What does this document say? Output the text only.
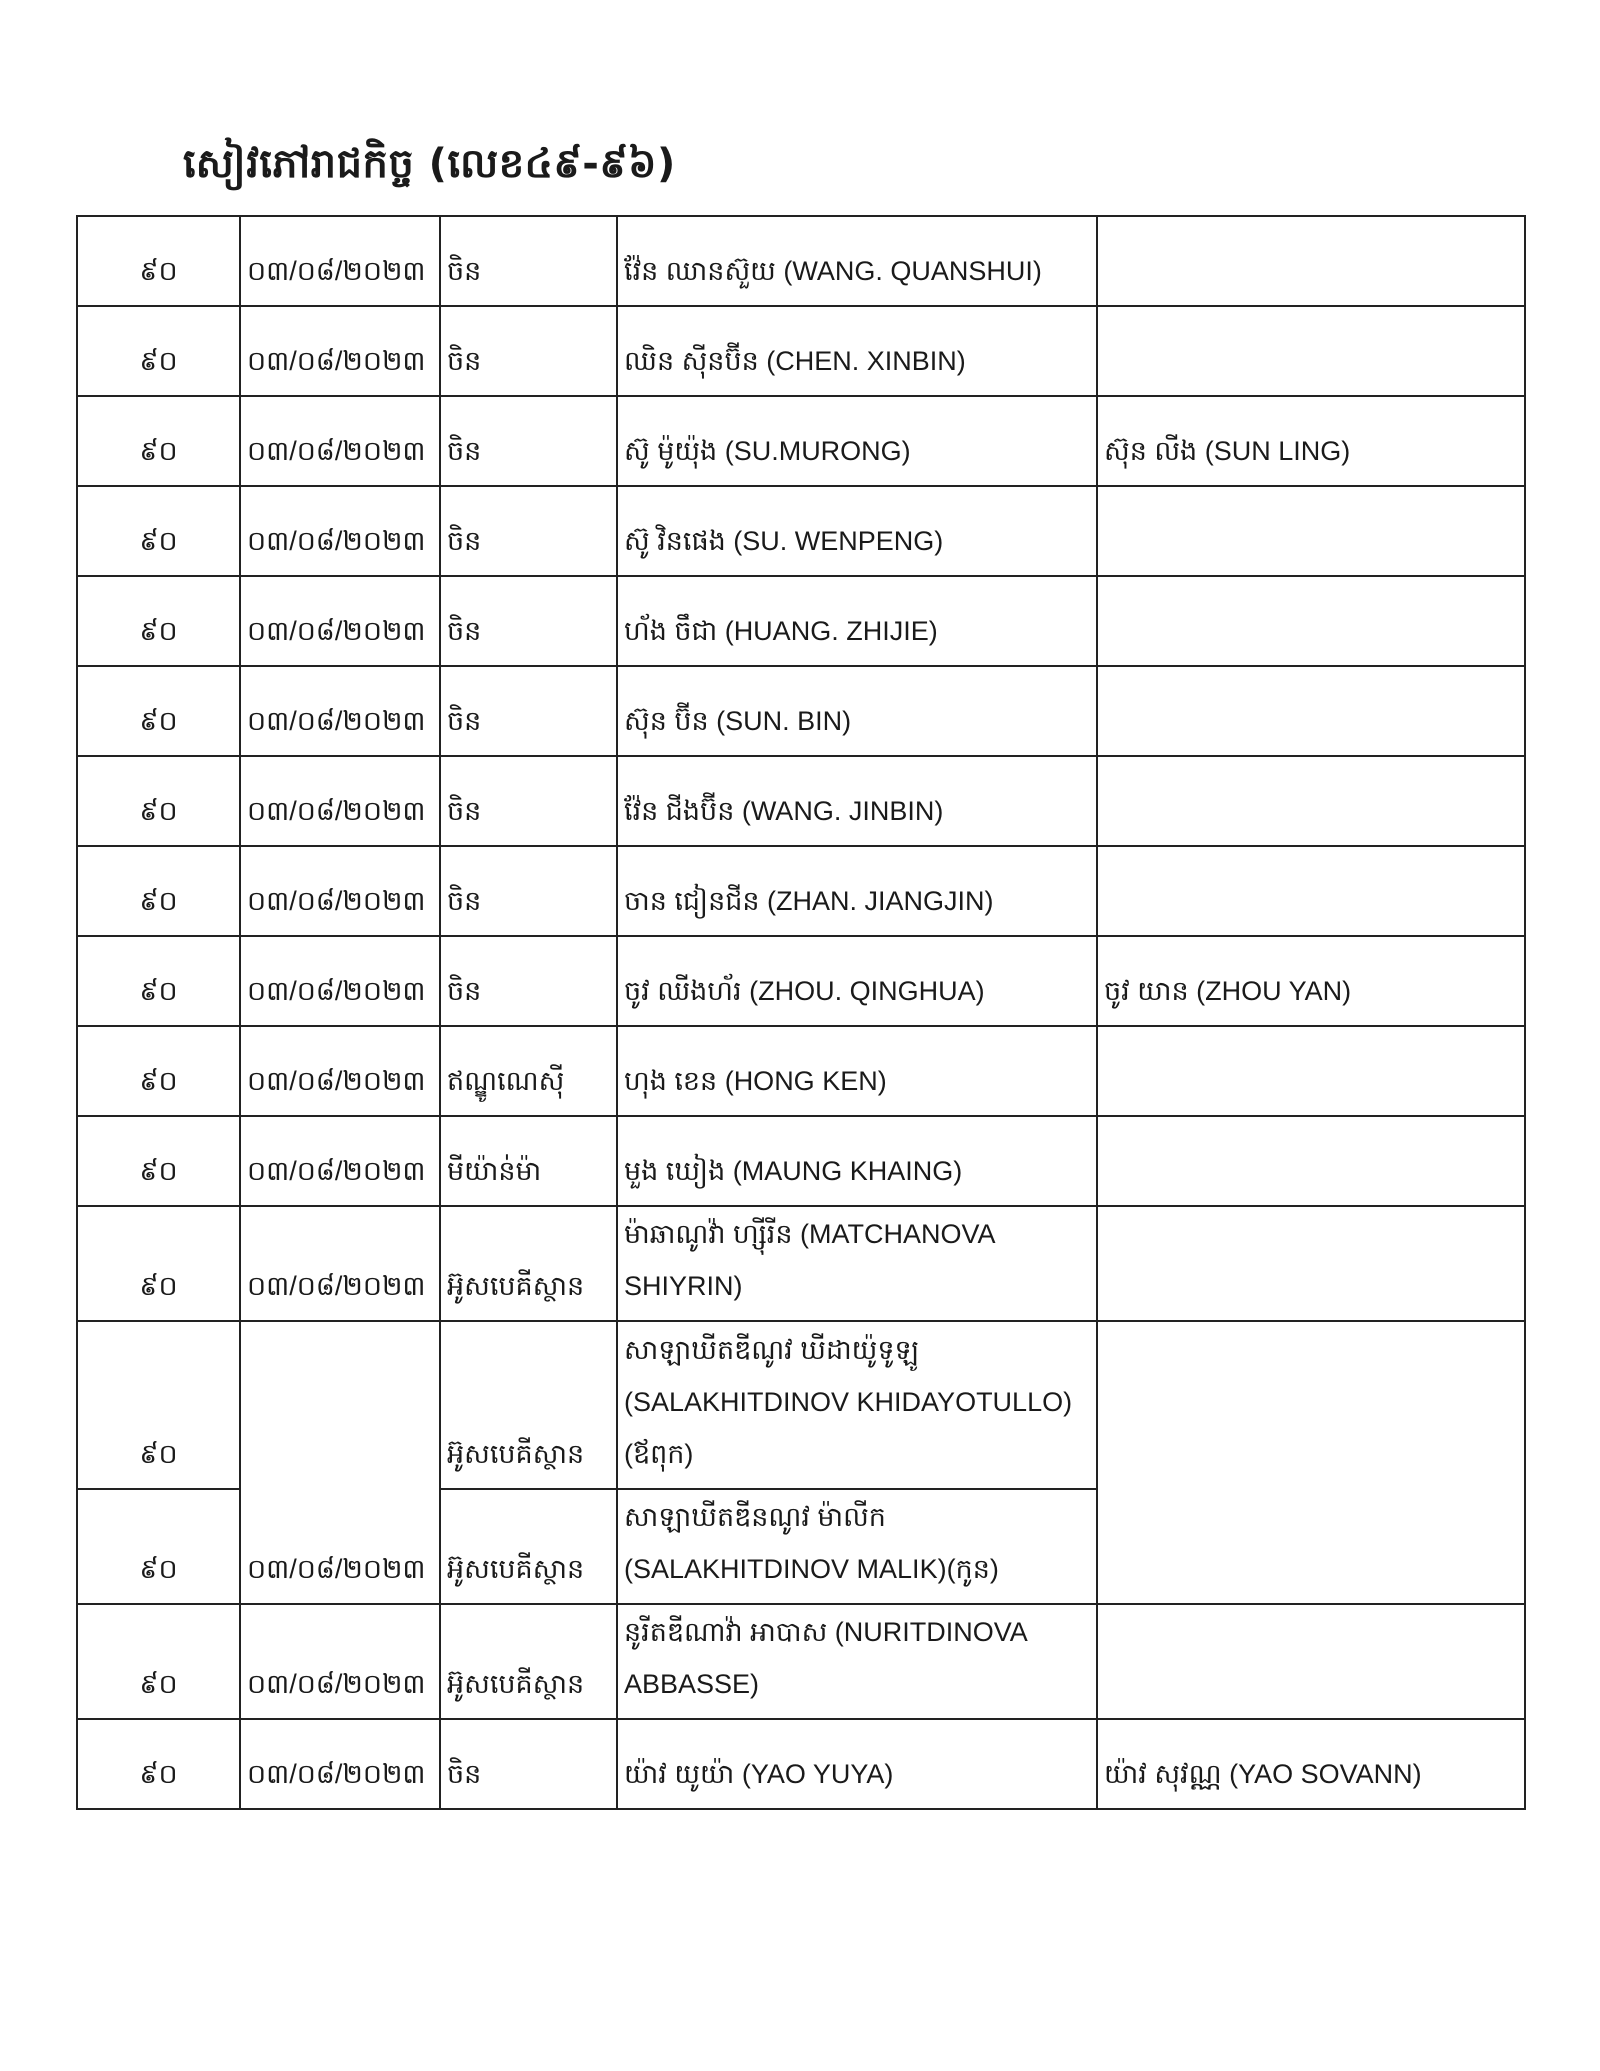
សៀវភៅរាជកិច្ច (លេខ៤៩-៩៦)
៩០	០៣/០៨/២០២៣	ចិន	វ៉ែន ឈានស៊ួយ (WANG. QUANSHUI)	
៩០	០៣/០៨/២០២៣	ចិន	ឈិន ស៊ីនប៊ីន (CHEN. XINBIN)	
៩០	០៣/០៨/២០២៣	ចិន	ស៊ូ ម៉ូយ៉ុង (SU.MURONG)	ស៊ុន លីង (SUN LING)
៩០	០៣/០៨/២០២៣	ចិន	ស៊ូ វិនផេង (SU. WENPENG)	
៩០	០៣/០៨/២០២៣	ចិន	ហ័ង ចឹជា (HUANG. ZHIJIE)	
៩០	០៣/០៨/២០២៣	ចិន	ស៊ុន ប៊ីន (SUN. BIN)	
៩០	០៣/០៨/២០២៣	ចិន	វ៉ែន ជីងប៊ីន (WANG. JINBIN)	
៩០	០៣/០៨/២០២៣	ចិន	ចាន ជៀនជីន (ZHAN. JIANGJIN)	
៩០	០៣/០៨/២០២៣	ចិន	ចូវ ឈីងហ័រ (ZHOU. QINGHUA)	ចូវ យាន (ZHOU YAN)
៩០	០៣/០៨/២០២៣	ឥណ្ឌូណេស៊ី	ហុង ខេន (HONG KEN)	
៩០	០៣/០៨/២០២៣	មីយ៉ាន់ម៉ា	មួង ឃៀង (MAUNG KHAING)	
៩០	០៣/០៨/២០២៣	អ៊ូសបេគីស្ថាន	ម៉ាឆាណូវ៉ា ហ្ស៊ីរីន (MATCHANOVA SHIYRIN)	
៩០	០៣/០៨/២០២៣	អ៊ូសបេគីស្ថាន	សាឡាឃីតឌីណូវ ឃីដាយ៉ូទូឡូ (SALAKHITDINOV KHIDAYOTULLO) (ឪពុក)	
៩០		អ៊ូសបេគីស្ថាន	សាឡាឃីតឌីនណូវ ម៉ាលីក (SALAKHITDINOV MALIK)(កូន)	
៩០	០៣/០៨/២០២៣	អ៊ូសបេគីស្ថាន	នូរីតឌីណាវ៉ា អាបាស (NURITDINOVA ABBASSE)	
៩០	០៣/០៨/២០២៣	ចិន	យ៉ាវ យូយ៉ា (YAO YUYA)	យ៉ាវ សុវណ្ណ (YAO SOVANN)
